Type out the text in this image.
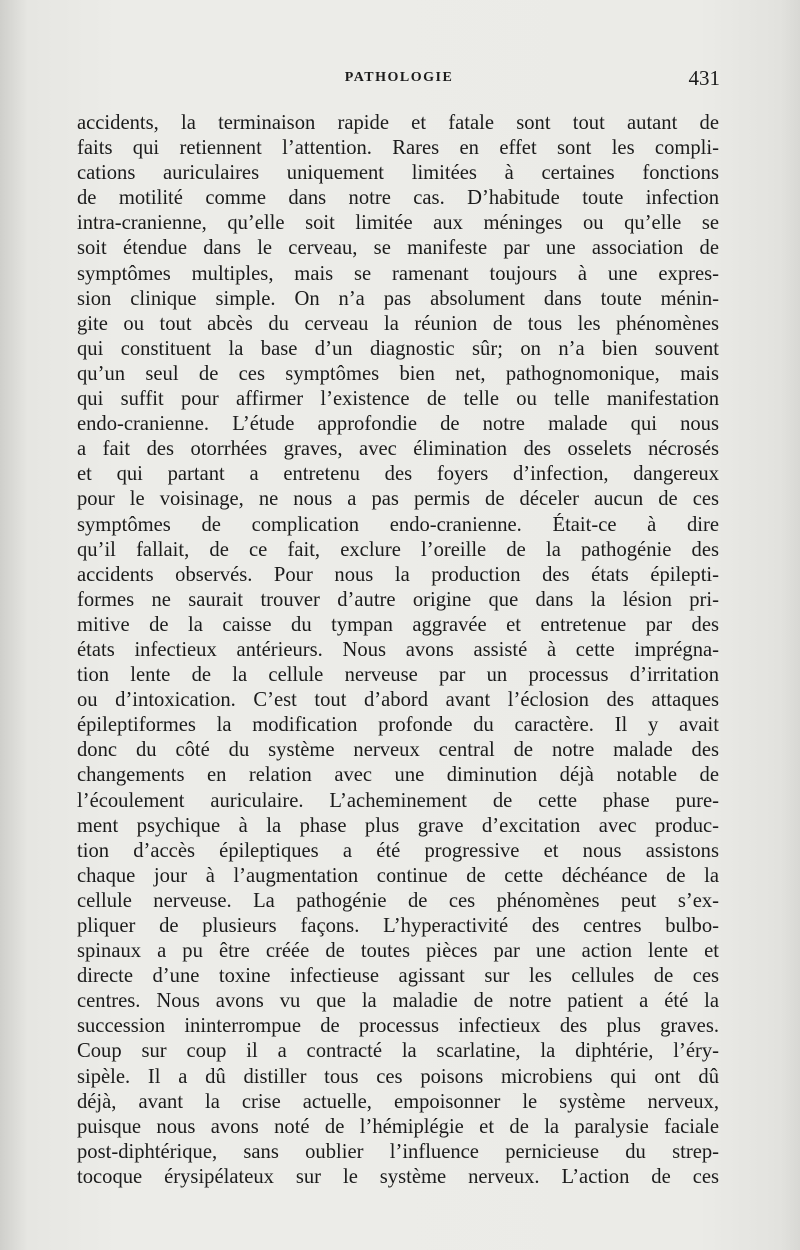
PATHOLOGIE	431
accidents, la terminaison rapide et fatale sont tout autant de
faits qui retiennent l’attention. Rares en effet sont les compli-
cations auriculaires uniquement limitées à certaines fonctions
de motilité comme dans notre cas. D’habitude toute infection
intra-cranienne, qu’elle soit limitée aux méninges ou qu’elle se
soit étendue dans le cerveau, se manifeste par une association de
symptômes multiples, mais se ramenant toujours à une expres-
sion clinique simple. On n’a pas absolument dans toute ménin-
gite ou tout abcès du cerveau la réunion de tous les phénomènes
qui constituent la base d’un diagnostic sûr; on n’a bien souvent
qu’un seul de ces symptômes bien net, pathognomonique, mais
qui suffit pour affirmer l’existence de telle ou telle manifestation
endo-cranienne. L’étude approfondie de notre malade qui nous
a fait des otorrhées graves, avec élimination des osselets nécrosés
et qui partant a entretenu des foyers d’infection, dangereux
pour le voisinage, ne nous a pas permis de déceler aucun de ces
symptômes de complication endo-cranienne. Était-ce à dire
qu’il fallait, de ce fait, exclure l’oreille de la pathogénie des
accidents observés. Pour nous la production des états épilepti-
formes ne saurait trouver d’autre origine que dans la lésion pri-
mitive de la caisse du tympan aggravée et entretenue par des
états infectieux antérieurs. Nous avons assisté à cette imprégna-
tion lente de la cellule nerveuse par un processus d’irritation
ou d’intoxication. C’est tout d’abord avant l’éclosion des attaques
épileptiformes la modification profonde du caractère. Il y avait
donc du côté du système nerveux central de notre malade des
changements en relation avec une diminution déjà notable de
l’écoulement auriculaire. L’acheminement de cette phase pure-
ment psychique à la phase plus grave d’excitation avec produc-
tion d’accès épileptiques a été progressive et nous assistons
chaque jour à l’augmentation continue de cette déchéance de la
cellule nerveuse. La pathogénie de ces phénomènes peut s’ex-
pliquer de plusieurs façons. L’hyperactivité des centres bulbo-
spinaux a pu être créée de toutes pièces par une action lente et
directe d’une toxine infectieuse agissant sur les cellules de ces
centres. Nous avons vu que la maladie de notre patient a été la
succession ininterrompue de processus infectieux des plus graves.
Coup sur coup il a contracté la scarlatine, la diphtérie, l’éry-
sipèle. Il a dû distiller tous ces poisons microbiens qui ont dû
déjà, avant la crise actuelle, empoisonner le système nerveux,
puisque nous avons noté de l’hémiplégie et de la paralysie faciale
post-diphtérique, sans oublier l’influence pernicieuse du strep-
tocoque érysipélateux sur le système nerveux. L’action de ces
